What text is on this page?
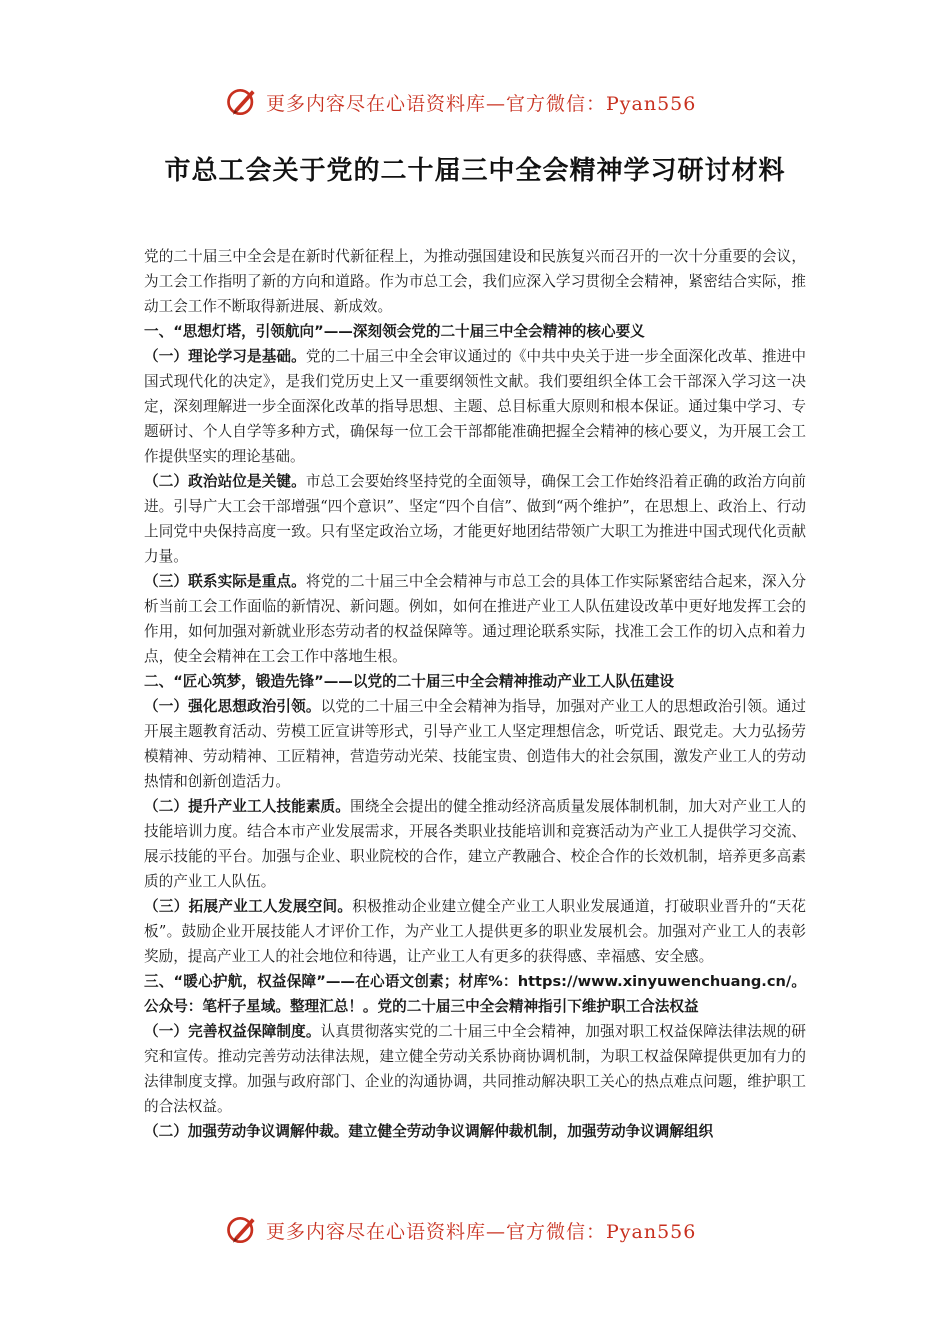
更多内容尽在心语资料库—官方微信：Pyan556
市总工会关于党的二十届三中全会精神学习研讨材料

党的二十届三中全会是在新时代新征程上，为推动强国建设和民族复兴而召开的一次十分重要的会议，为工会工作指明了新的方向和道路。作为市总工会，我们应深入学习贯彻全会精神，紧密结合实际，推动工会工作不断取得新进展、新成效。

一、“思想灯塔，引领航向”——深刻领会党的二十届三中全会精神的核心要义

（一）理论学习是基础。党的二十届三中全会审议通过的《中共中央关于进一步全面深化改革、推进中国式现代化的决定》，是我们党历史上又一重要纲领性文献。我们要组织全体工会干部深入学习这一决定，深刻理解进一步全面深化改革的指导思想、主题、总目标重大原则和根本保证。通过集中学习、专题研讨、个人自学等多种方式，确保每一位工会干部都能准确把握全会精神的核心要义，为开展工会工作提供坚实的理论基础。

（二）政治站位是关键。市总工会要始终坚持党的全面领导，确保工会工作始终沿着正确的政治方向前进。引导广大工会干部增强“四个意识”、坚定“四个自信”、做到“两个维护”，在思想上、政治上、行动上同党中央保持高度一致。只有坚定政治立场，才能更好地团结带领广大职工为推进中国式现代化贡献力量。

（三）联系实际是重点。将党的二十届三中全会精神与市总工会的具体工作实际紧密结合起来，深入分析当前工会工作面临的新情况、新问题。例如，如何在推进产业工人队伍建设改革中更好地发挥工会的作用，如何加强对新就业形态劳动者的权益保障等。通过理论联系实际，找准工会工作的切入点和着力点，使全会精神在工会工作中落地生根。

二、“匠心筑梦，锻造先锋”——以党的二十届三中全会精神推动产业工人队伍建设

（一）强化思想政治引领。以党的二十届三中全会精神为指导，加强对产业工人的思想政治引领。通过开展主题教育活动、劳模工匠宣讲等形式，引导产业工人坚定理想信念，听党话、跟党走。大力弘扬劳模精神、劳动精神、工匠精神，营造劳动光荣、技能宝贵、创造伟大的社会氛围，激发产业工人的劳动热情和创新创造活力。

（二）提升产业工人技能素质。围绕全会提出的健全推动经济高质量发展体制机制，加大对产业工人的技能培训力度。结合本市产业发展需求，开展各类职业技能培训和竞赛活动为产业工人提供学习交流、展示技能的平台。加强与企业、职业院校的合作，建立产教融合、校企合作的长效机制，培养更多高素质的产业工人队伍。

（三）拓展产业工人发展空间。积极推动企业建立健全产业工人职业发展通道，打破职业晋升的“天花板”。鼓励企业开展技能人才评价工作，为产业工人提供更多的职业发展机会。加强对产业工人的表彰奖励，提高产业工人的社会地位和待遇，让产业工人有更多的获得感、幸福感、安全感。

三、“暖心护航，权益保障”——在心语文创素；材库%：https://www.xinyuwenchuang.cn/。公众号：笔杆子星域。整理汇总！。党的二十届三中全会精神指引下维护职工合法权益

（一）完善权益保障制度。认真贯彻落实党的二十届三中全会精神，加强对职工权益保障法律法规的研究和宣传。推动完善劳动法律法规，建立健全劳动关系协商协调机制，为职工权益保障提供更加有力的法律制度支撑。加强与政府部门、企业的沟通协调，共同推动解决职工关心的热点难点问题，维护职工的合法权益。

（二）加强劳动争议调解仲裁。建立健全劳动争议调解仲裁机制，加强劳动争议调解组织

更多内容尽在心语资料库—官方微信：Pyan556
